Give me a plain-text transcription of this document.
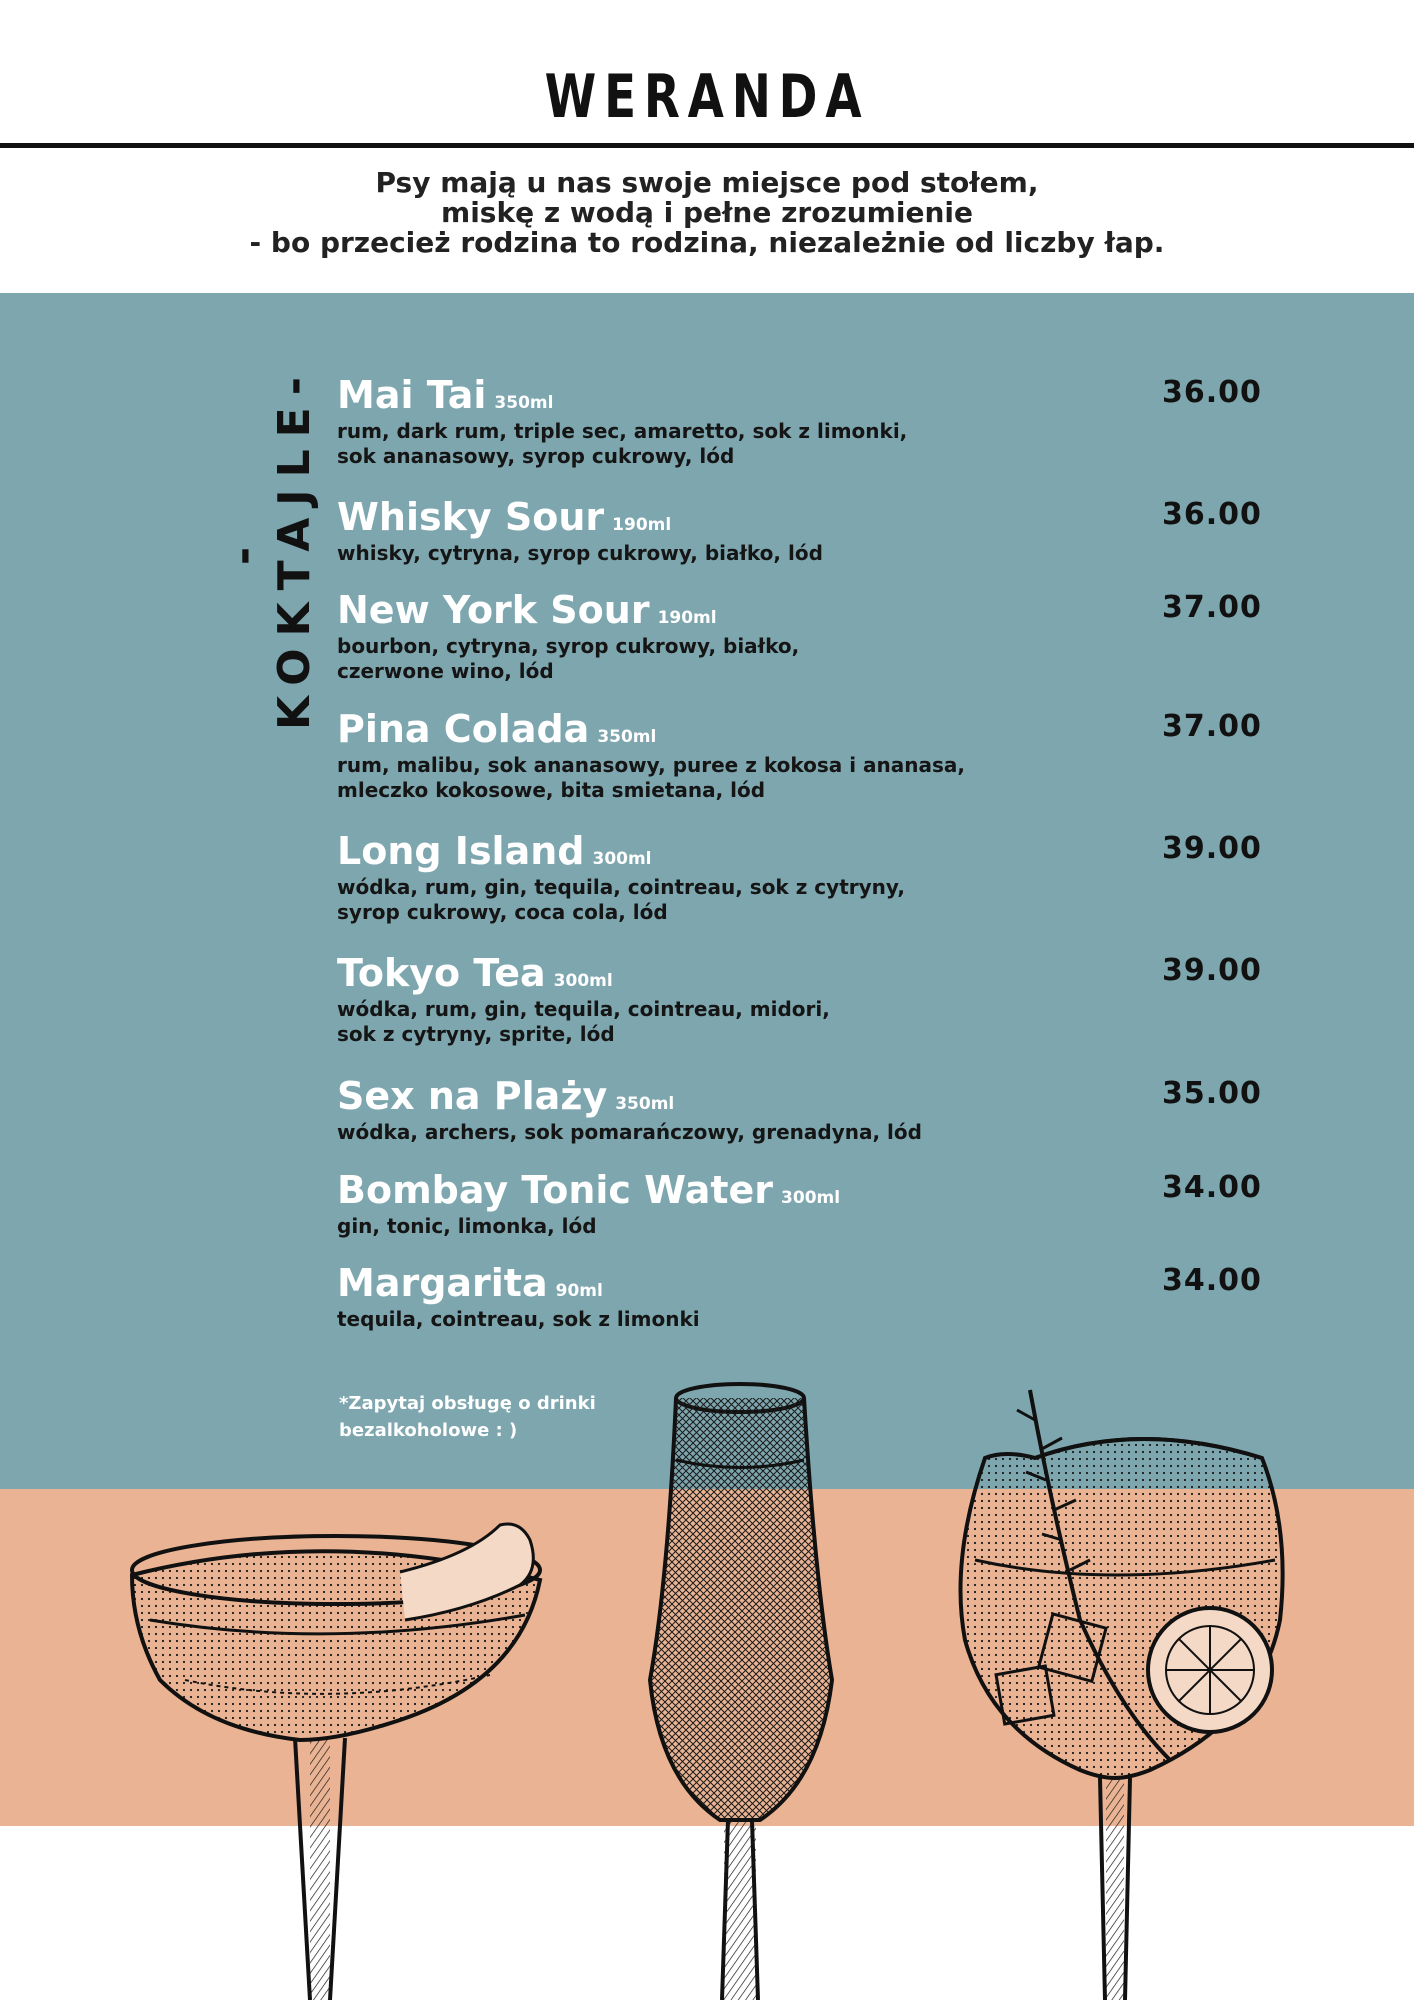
WERANDA
Psy mają u nas swoje miejsce pod stołem,
miskę z wodą i pełne zrozumienie
- bo przecież rodzina to rodzina, niezależnie od liczby łap.
-KOKTAJLE- Mai Tai 350ml	36.00
rum, dark rum, triple sec, amaretto, sok z limonki,
sok ananasowy, syrop cukrowy, lód
Whisky Sour 190ml	36.00
whisky, cytryna, syrop cukrowy, białko, lód
New York Sour 190ml	37.00
bourbon, cytryna, syrop cukrowy, białko,
czerwone wino, lód
Pina Colada 350ml	37.00
rum, malibu, sok ananasowy, puree z kokosa i ananasa,
mleczko kokosowe, bita smietana, lód
Long Island 300ml	39.00
wódka, rum, gin, tequila, cointreau, sok z cytryny,
syrop cukrowy, coca cola, lód
Tokyo Tea 300ml	39.00
wódka, rum, gin, tequila, cointreau, midori,
sok z cytryny, sprite, lód
Sex na Plaży 350ml	35.00
wódka, archers, sok pomarańczowy, grenadyna, lód
Bombay Tonic Water 300ml	34.00
gin, tonic, limonka, lód
Margarita 90ml	34.00
tequila, cointreau, sok z limonki
*Zapytaj obsługę o drinki
bezalkoholowe : )
